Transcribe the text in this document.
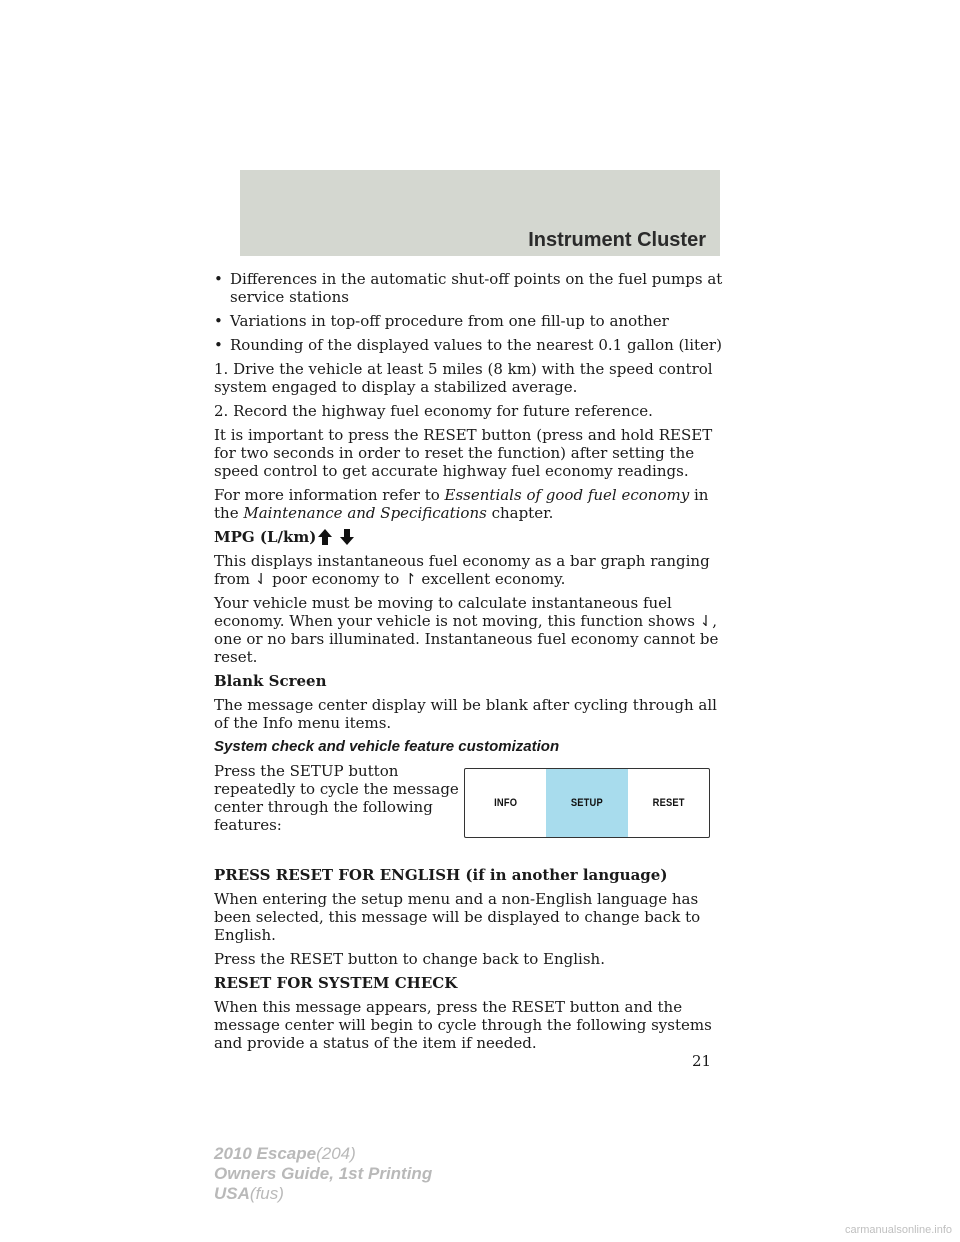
Instrument Cluster
• Differences in the automatic shut-off points on the fuel pumps at service stations
• Variations in top-off procedure from one fill-up to another
• Rounding of the displayed values to the nearest 0.1 gallon (liter)

1. Drive the vehicle at least 5 miles (8 km) with the speed control system engaged to display a stabilized average.

2. Record the highway fuel economy for future reference.

It is important to press the RESET button (press and hold RESET for two seconds in order to reset the function) after setting the speed control to get accurate highway fuel economy readings.

For more information refer to Essentials of good fuel economy in the Maintenance and Specifications chapter.

MPG (L/km)

This displays instantaneous fuel economy as a bar graph ranging from ⇃ poor economy to ↾ excellent economy.

Your vehicle must be moving to calculate instantaneous fuel economy. When your vehicle is not moving, this function shows ⇃, one or no bars illuminated. Instantaneous fuel economy cannot be reset.

Blank Screen

The message center display will be blank after cycling through all of the Info menu items.

System check and vehicle feature customization
Press the SETUP button repeatedly to cycle the message center through the following features:
INFO	SETUP	RESET
PRESS RESET FOR ENGLISH (if in another language)

When entering the setup menu and a non-English language has been selected, this message will be displayed to change back to English.

Press the RESET button to change back to English.

RESET FOR SYSTEM CHECK

When this message appears, press the RESET button and the message center will begin to cycle through the following systems and provide a status of the item if needed.

21
2010 Escape(204)
Owners Guide, 1st Printing
USA(fus)
carmanualsonline.info
